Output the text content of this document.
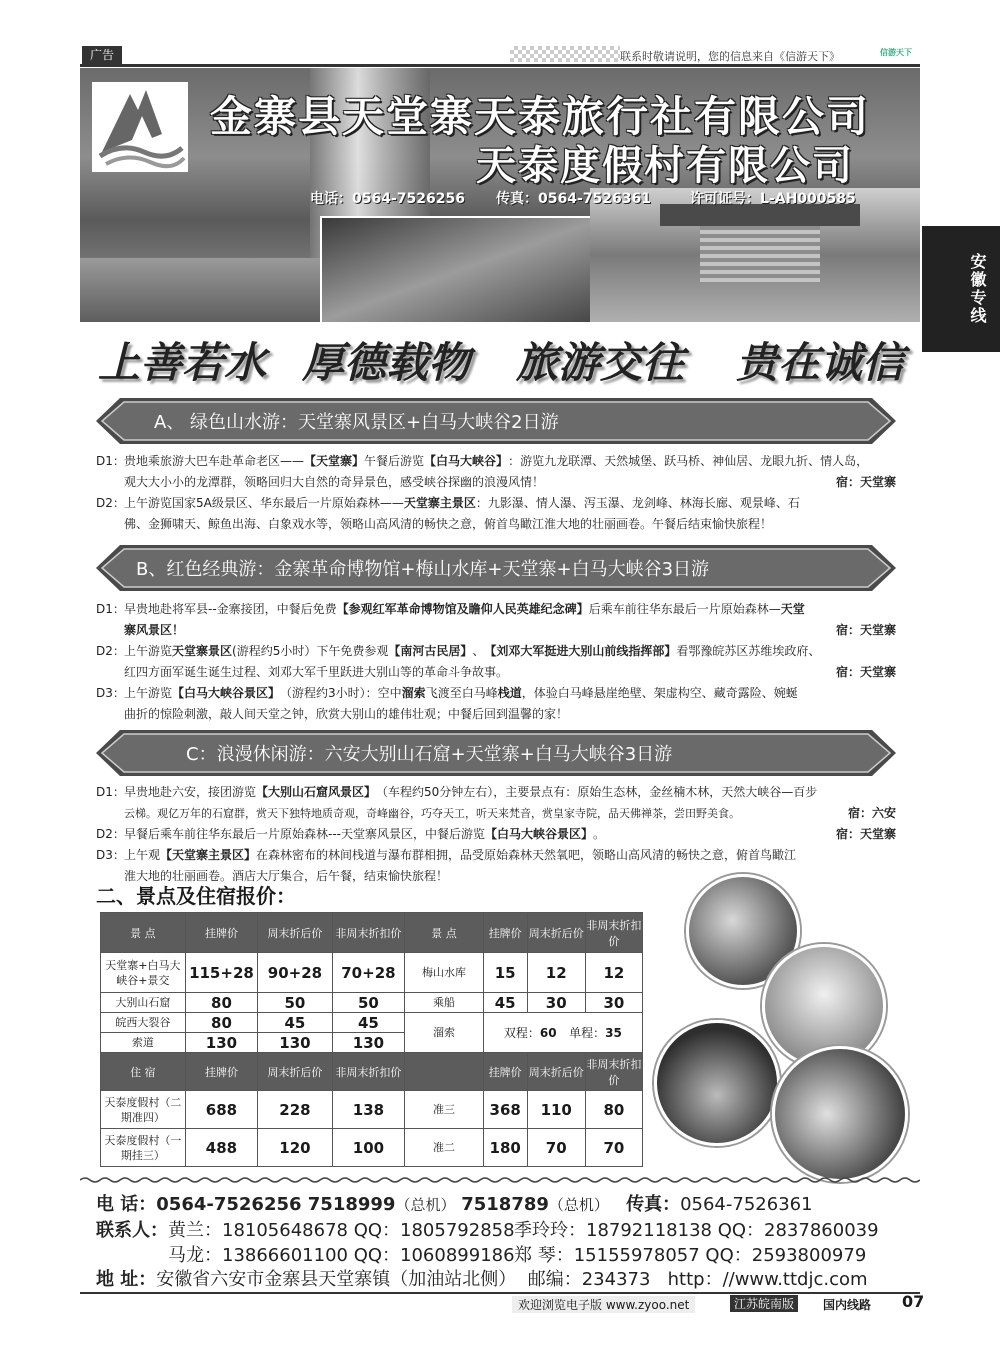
广告	联系时敬请说明，您的信息来自《信游天下》	信游天下
安徽专线
金寨县天堂寨天泰旅行社有限公司
天泰度假村有限公司
电话：0564-7526256 传真：0564-7526361	许可证号：L-AH000585
上善若水 厚德载物 旅游交往 贵在诚信
A、 绿色山水游：天堂寨风景区+白马大峡谷2日游
D1： 贵地乘旅游大巴车赴革命老区—— 【天堂寨】 午餐后游览 【白马大峡谷】 ：游览九龙联潭、天然城堡、跃马桥、神仙居、龙眼九折、情人岛，
观大大小小的龙潭群，领略回归大自然的奇异景色，感受峡谷探幽的浪漫风情！	宿：天堂寨
D2： 上午游览国家5A级景区、华东最后一片原始森林—— 天堂寨主景区 ：九影瀑、情人瀑、泻玉瀑、龙剑峰、林海长廊、观景峰、石
佛、金狮啸天、鲸鱼出海、白象戏水等，领略山高风清的畅快之意，俯首鸟瞰江淮大地的壮丽画卷。午餐后结束愉快旅程！
B、红色经典游：金寨革命博物馆+梅山水库+天堂寨+白马大峡谷3日游
D1： 早贵地赴将军县--金寨接团，中餐后免费 【参观红军革命博物馆及瞻仰人民英雄纪念碑】 后乘车前往华东最后一片原始森林— 天堂
寨风景区！	宿：天堂寨
D2： 上午游览 天堂寨景区 (游程约5小时）下午免费参观 【南河古民居】 、 【刘邓大军挺进大别山前线指挥部】 看鄂豫皖苏区苏维埃政府、
红四方面军诞生诞生过程、刘邓大军千里跃进大别山等的革命斗争故事。	宿：天堂寨
D3： 上午游览 【白马大峡谷景区】 （游程约3小时）：空中 溜索 飞渡至白马峰 栈道 ，体验白马峰悬崖绝壁、架虚构空、藏奇露险、婉蜒
曲折的惊险刺激，敲人间天堂之钟，欣赏大别山的雄伟壮观；中餐后回到温馨的家！
C：浪漫休闲游：六安大别山石窟+天堂寨+白马大峡谷3日游
D1： 早贵地赴六安，接团游览 【大别山石窟风景区】 （车程约50分钟左右），主要景点有：原始生态林，金丝楠木林，天然大峡谷—百步
云梯。观亿万年的石窟群，赏天下独特地质奇观，奇峰幽谷，巧夺天工，听天来梵音，赏皇家寺院，品天佛禅茶，尝田野美食。	宿：六安
D2： 早餐后乘车前往华东最后一片原始森林---天堂寨风景区，中餐后游览 【白马大峡谷景区】 。	宿：天堂寨
D3： 上午观 【天堂寨主景区】 在森林密布的林间栈道与瀑布群相拥，品受原始森林天然氧吧，领略山高风清的畅快之意，俯首鸟瞰江
淮大地的壮丽画卷。酒店大厅集合，后午餐，结束愉快旅程！
二、景点及住宿报价：
景 点	挂牌价	周末折后价	非周末折扣价	景 点	挂牌价	周末折后价	非周末折扣价
天堂寨+白马大峡谷+景交	115+28	90+28	70+28	梅山水库	15	12	12
大别山石窟	80	50	50	乘船	45	30	30
皖西大裂谷	80	45	45	溜索	双程：60 单程：35		
索道	130	130	130				
住 宿	挂牌价	周末折后价	非周末折扣价		挂牌价	周末折后价	非周末折扣价
天泰度假村（二期准四）	688	228	138	准三	368	110	80
天泰度假村（一期挂三）	488	120	100	准二	180	70	70
电 话：0564-7526256 7518999（总机） 7518789（总机） 传真：0564-7526361
联系人：黄兰：18105648678 QQ：1805792858 季玲玲：18792118138 QQ：2837860039
马龙：13866601100 QQ：1060899186 郑 琴：15155978057 QQ：2593800979
地 址：安徽省六安市金寨县天堂寨镇（加油站北侧） 邮编：234373 http：//www.ttdjc.com
欢迎浏览电子版 www.zyoo.net	江苏皖南版	国内线路 07
